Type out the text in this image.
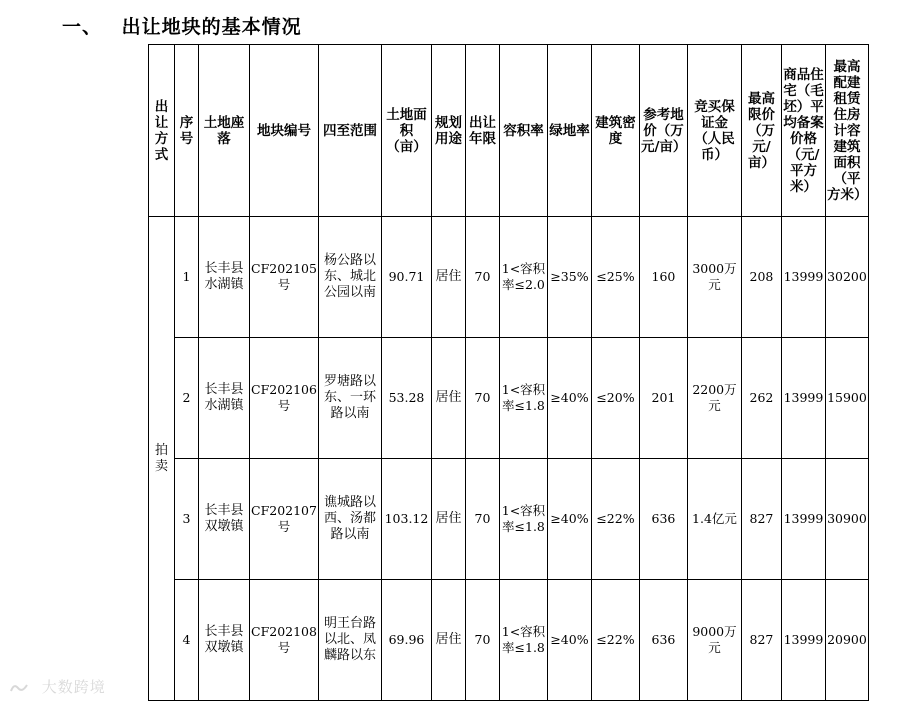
一、 出让地块的基本情况
出让方式	序号	土地座落	地块编号	四至范围	土地面积（亩）	规划用途	出让年限	容积率	绿地率	建筑密度	参考地价（万元/亩）	竞买保证金（人民币）	最高限价（万元/亩）	商品住宅（毛坯）平均备案价格（元/平方米）	最高配建租赁住房计容建筑面积（平方米）
拍卖	1	长丰县水湖镇	CF202105号	杨公路以东、城北公园以南	90.71	居住	70	1<容积率≤2.0	≥35%	≤25%	160	3000万元	208	13999	30200
	2	长丰县水湖镇	CF202106号	罗塘路以东、一环路以南	53.28	居住	70	1<容积率≤1.8	≥40%	≤20%	201	2200万元	262	13999	15900
	3	长丰县双墩镇	CF202107号	谯城路以西、汤都路以南	103.12	居住	70	1<容积率≤1.8	≥40%	≤22%	636	1.4亿元	827	13999	30900
	4	长丰县双墩镇	CF202108号	明王台路以北、凤麟路以东	69.96	居住	70	1<容积率≤1.8	≥40%	≤22%	636	9000万元	827	13999	20900
大数跨境
